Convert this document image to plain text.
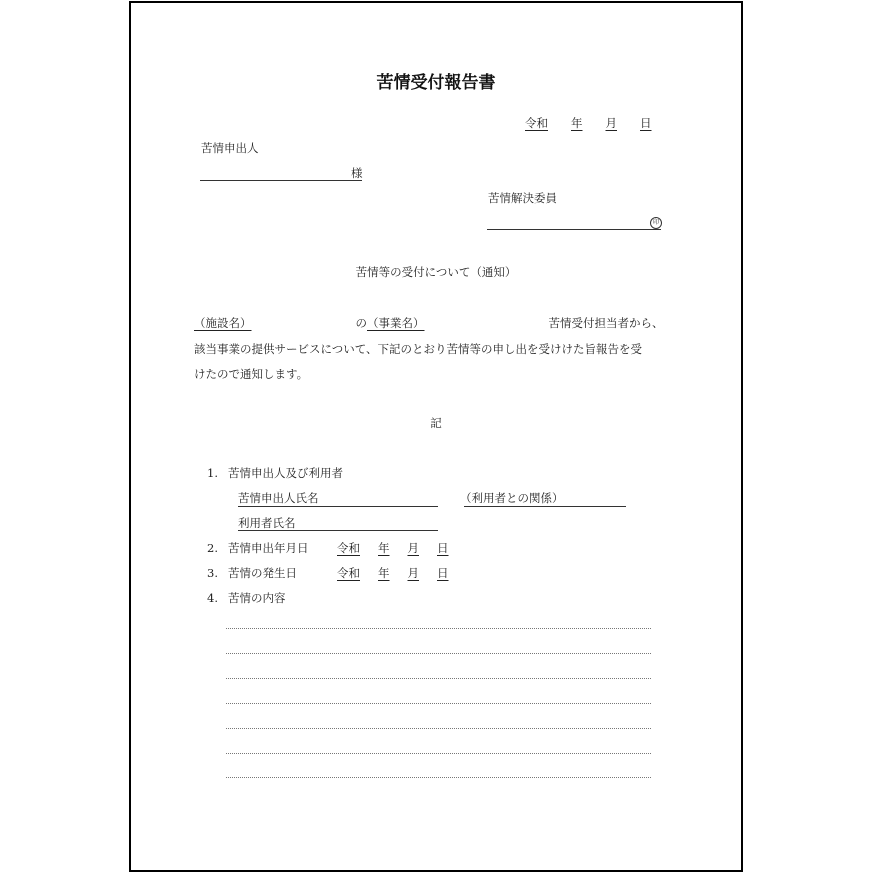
苦情受付報告書
令和 年 月 日
苦情申出人
様
苦情解決委員
印
苦情等の受付について（通知）
（施設名）	の（事業名）	苦情受付担当者から、
該当事業の提供サービスについて、下記のとおり苦情等の申し出を受けけた旨報告を受
けたので通知します。
記
1. 苦情申出人及び利用者
苦情申出人氏名	（利用者との関係）
利用者氏名
2. 苦情申出年月日 令和 年 月 日
3. 苦情の発生日	令和 年 月 日
4. 苦情の内容
